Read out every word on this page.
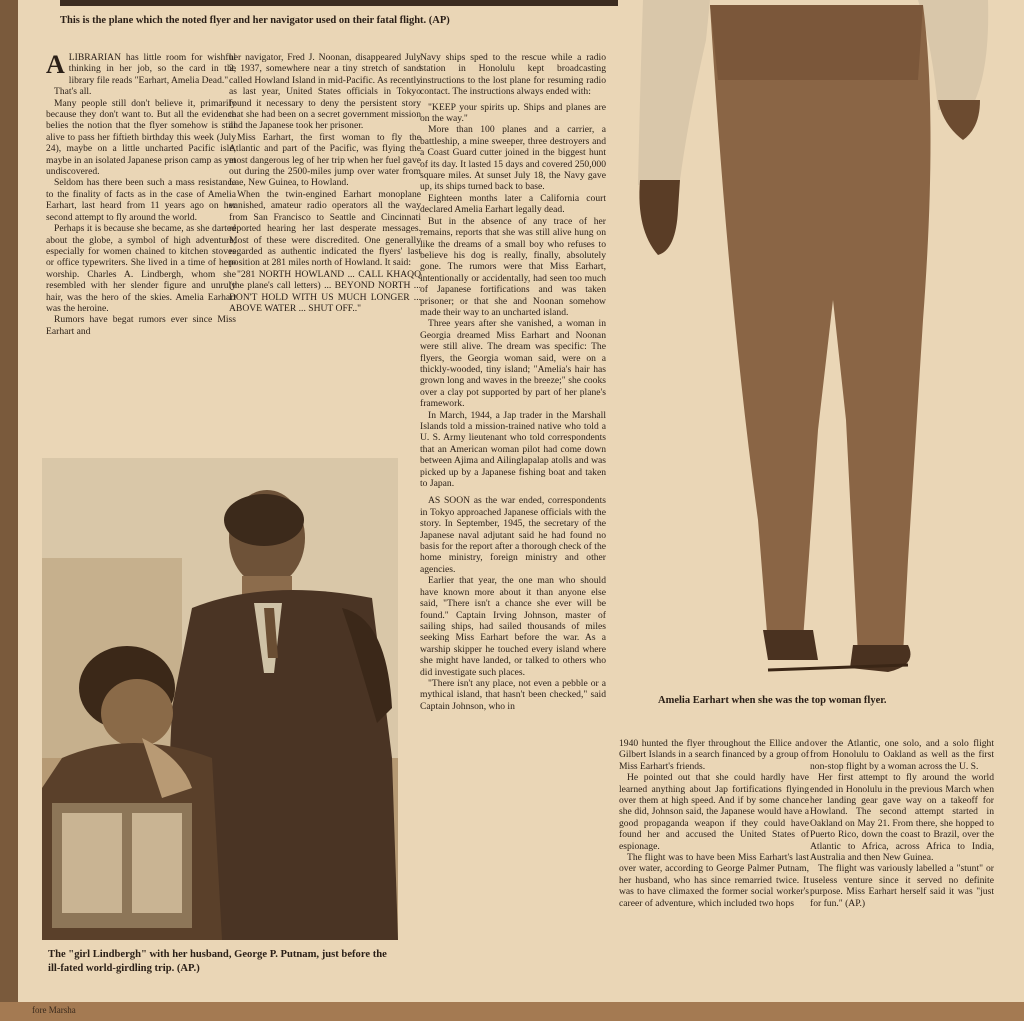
This is the plane which the noted flyer and her navigator used on their fatal flight. (AP)

ALIBRARIAN has little room for wishful thinking in her job, so the card in the library file reads "Earhart, Amelia Dead."

That's all.

Many people still don't believe it, primarily because they don't want to. But all the evidence belies the notion that the flyer somehow is still alive to pass her fiftieth birthday this week (July 24), maybe on a little uncharted Pacific isle, maybe in an isolated Japanese prison camp as yet undiscovered.

Seldom has there been such a mass resistance to the finality of facts as in the case of Amelia Earhart, last heard from 11 years ago on her second attempt to fly around the world.

Perhaps it is because she became, as she darted about the globe, a symbol of high adventure, especially for women chained to kitchen stoves or office typewriters. She lived in a time of hero worship. Charles A. Lindbergh, whom she resembled with her slender figure and unruly hair, was the hero of the skies. Amelia Earhart was the heroine.

Rumors have begat rumors ever since Miss Earhart and

her navigator, Fred J. Noonan, disappeared July 2, 1937, somewhere near a tiny stretch of sand called Howland Island in mid-Pacific. As recently as last year, United States officials in Tokyo found it necessary to deny the persistent story that she had been on a secret government mission and the Japanese took her prisoner.

Miss Earhart, the first woman to fly the Atlantic and part of the Pacific, was flying the most dangerous leg of her trip when her fuel gave out during the 2500-miles jump over water from Lae, New Guinea, to Howland.

When the twin-engined Earhart monoplane vanished, amateur radio operators all the way from San Francisco to Seattle and Cincinnati reported hearing her last desperate messages. Most of these were discredited. One generally regarded as authentic indicated the flyers' last position at 281 miles north of Howland. It said:

"281 NORTH HOWLAND ... CALL KHAQQ (the plane's call letters) ... BEYOND NORTH ... DON'T HOLD WITH US MUCH LONGER ... ABOVE WATER ... SHUT OFF.."

Navy ships sped to the rescue while a radio station in Honolulu kept broadcasting instructions to the lost plane for resuming radio contact. The instructions always ended with:

"KEEP your spirits up. Ships and planes are on the way."

More than 100 planes and a carrier, a battleship, a mine sweeper, three destroyers and a Coast Guard cutter joined in the biggest hunt of its day. It lasted 15 days and covered 250,000 square miles. At sunset July 18, the Navy gave up, its ships turned back to base.

Eighteen months later a California court declared Amelia Earhart legally dead.

But in the absence of any trace of her remains, reports that she was still alive hung on like the dreams of a small boy who refuses to believe his dog is really, finally, absolutely gone. The rumors were that Miss Earhart, intentionally or accidentally, had seen too much of Japanese fortifications and was taken prisoner; or that she and Noonan somehow made their way to an uncharted island.

Three years after she vanished, a woman in Georgia dreamed Miss Earhart and Noonan were still alive. The dream was specific: The flyers, the Georgia woman said, were on a thickly-wooded, tiny island; "Amelia's hair has grown long and waves in the breeze;" she cooks over a clay pot supported by part of her plane's framework.

In March, 1944, a Jap trader in the Marshall Islands told a mission-trained native who told a U. S. Army lieutenant who told correspondents that an American woman pilot had come down between Ajima and Ailinglapalap atolls and was picked up by a Japanese fishing boat and taken to Japan.

AS SOON as the war ended, correspondents in Tokyo approached Japanese officials with the story. In September, 1945, the secretary of the Japanese naval adjutant said he had found no basis for the report after a thorough check of the home ministry, foreign ministry and other agencies.

Earlier that year, the one man who should have known more about it than anyone else said, "There isn't a chance she ever will be found." Captain Irving Johnson, master of sailing ships, had sailed thousands of miles seeking Miss Earhart before the war. As a warship skipper he touched every island where she might have landed, or talked to others who did investigate such places.

"There isn't any place, not even a pebble or a mythical island, that hasn't been checked," said Captain Johnson, who in

The "girl Lindbergh" with her husband, George P. Putnam, just before the ill-fated world-girdling trip. (AP.)
Amelia Earhart when she was the top woman flyer.

1940 hunted the flyer throughout the Ellice and Gilbert Islands in a search financed by a group of Miss Earhart's friends.

He pointed out that she could hardly have learned anything about Jap fortifications flying over them at high speed. And if by some chance she did, Johnson said, the Japanese would have a good propaganda weapon if they could have found her and accused the United States of espionage.

The flight was to have been Miss Earhart's last over water, according to George Palmer Putnam, her husband, who has since remarried twice. It was to have climaxed the former social worker's career of adventure, which included two hops

over the Atlantic, one solo, and a solo flight from Honolulu to Oakland as well as the first non-stop flight by a woman across the U. S.

Her first attempt to fly around the world ended in Honolulu in the previous March when her landing gear gave way on a takeoff for Howland. The second attempt started in Oakland on May 21. From there, she hopped to Puerto Rico, down the coast to Brazil, over the Atlantic to Africa, across Africa to India, Australia and then New Guinea.

The flight was variously labelled a "stunt" or useless venture since it served no definite purpose. Miss Earhart herself said it was "just for fun." (AP.)

fore Marsha
